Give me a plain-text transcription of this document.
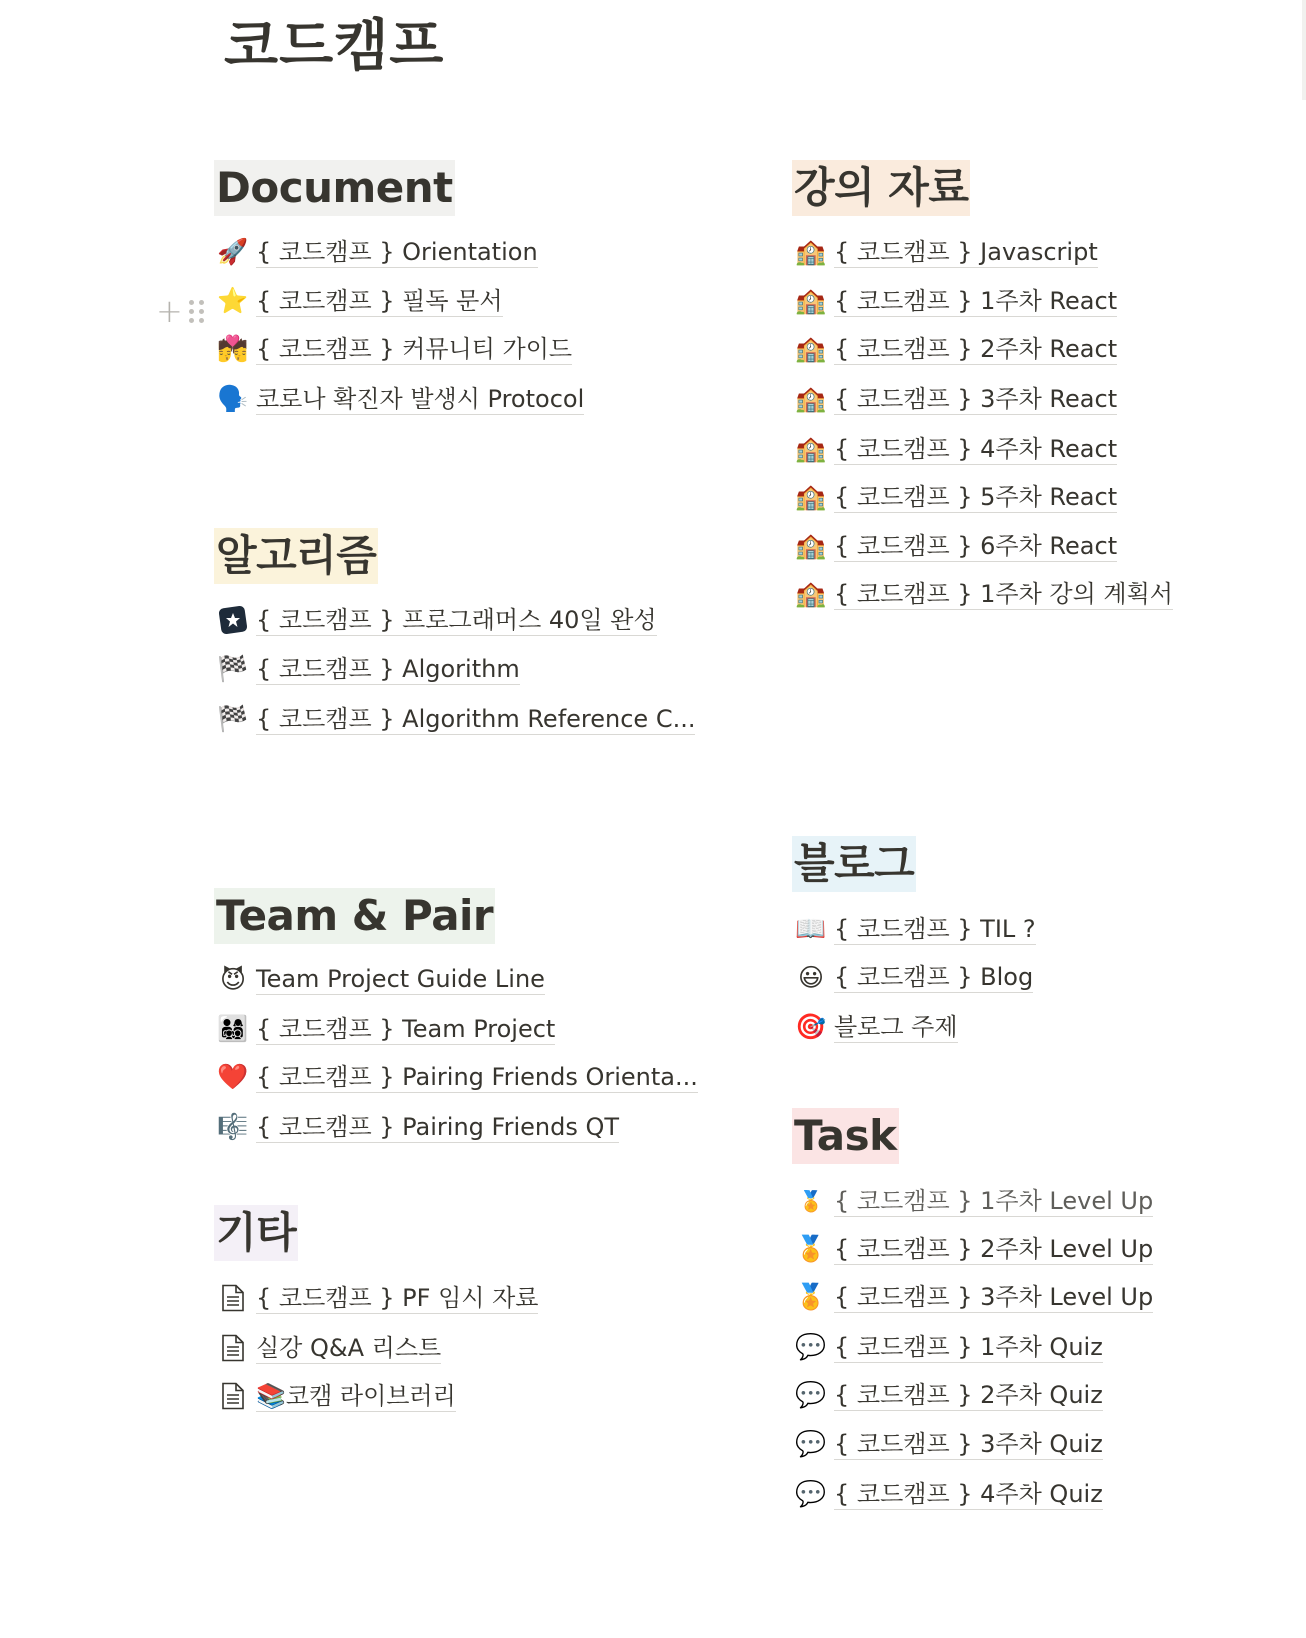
코드캠프
+
Document
🚀 { 코드캠프 } Orientation
⭐ { 코드캠프 } 필독 문서
💏 { 코드캠프 } 커뮤니티 가이드
🗣️ 코로나 확진자 발생시 Protocol
강의 자료
🏫 { 코드캠프 } Javascript
🏫 { 코드캠프 } 1주차 React
🏫 { 코드캠프 } 2주차 React
🏫 { 코드캠프 } 3주차 React
🏫 { 코드캠프 } 4주차 React
🏫 { 코드캠프 } 5주차 React
🏫 { 코드캠프 } 6주차 React
🏫 { 코드캠프 } 1주차 강의 계획서
알고리즘
{ 코드캠프 } 프로그래머스 40일 완성
🏁 { 코드캠프 } Algorithm
🏁 { 코드캠프 } Algorithm Reference C...
블로그
📖 { 코드캠프 } TIL ?
😃 { 코드캠프 } Blog
🎯 블로그 주제
Team & Pair
😈 Team Project Guide Line
👨‍👩‍👧‍👦 { 코드캠프 } Team Project
❤️ { 코드캠프 } Pairing Friends Orienta...
🎼 { 코드캠프 } Pairing Friends QT	Task
🏅 { 코드캠프 } 1주차 Level Up
🏅 { 코드캠프 } 2주차 Level Up
🏅 { 코드캠프 } 3주차 Level Up
💬 { 코드캠프 } 1주차 Quiz
💬 { 코드캠프 } 2주차 Quiz
💬 { 코드캠프 } 3주차 Quiz
💬 { 코드캠프 } 4주차 Quiz
기타
{ 코드캠프 } PF 임시 자료
실강 Q&A 리스트
📚코캠 라이브러리
